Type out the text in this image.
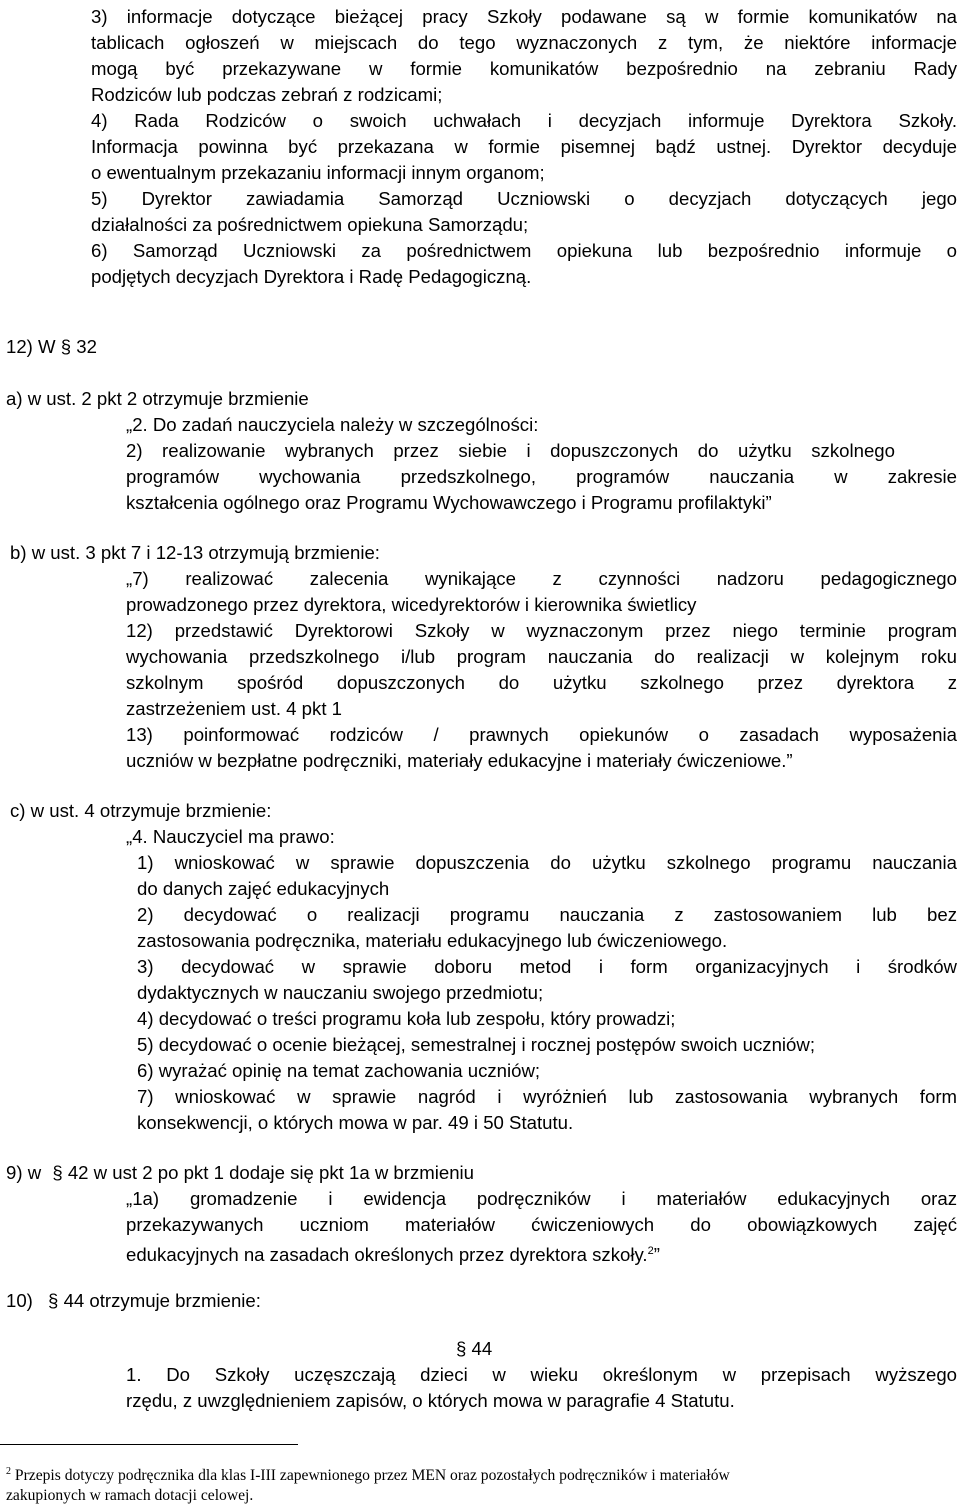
3) informacje dotyczące bieżącej pracy Szkoły podawane są w formie komunikatów na
tablicach ogłoszeń w miejscach do tego wyznaczonych z tym, że niektóre informacje
mogą być przekazywane w formie komunikatów bezpośrednio na zebraniu Rady
Rodziców lub podczas zebrań z rodzicami;
4) Rada Rodziców o swoich uchwałach i decyzjach informuje Dyrektora Szkoły.
Informacja powinna być przekazana w formie pisemnej bądź ustnej. Dyrektor decyduje
o ewentualnym przekazaniu informacji innym organom;
5) Dyrektor zawiadamia Samorząd Uczniowski o decyzjach dotyczących jego
działalności za pośrednictwem opiekuna Samorządu;
6) Samorząd Uczniowski za pośrednictwem opiekuna lub bezpośrednio informuje o
podjętych decyzjach Dyrektora i Radę Pedagogiczną.
12) W § 32
a) w ust. 2 pkt 2 otrzymuje brzmienie
„2. Do zadań nauczyciela należy w szczególności:
2) realizowanie wybranych przez siebie i dopuszczonych do użytku szkolnego
programów wychowania przedszkolnego, programów nauczania w zakresie
kształcenia ogólnego oraz Programu Wychowawczego i Programu profilaktyki”
b) w ust. 3 pkt 7 i 12-13 otrzymują brzmienie:
„7) realizować zalecenia wynikające z czynności nadzoru pedagogicznego
prowadzonego przez dyrektora, wicedyrektorów i kierownika świetlicy
12) przedstawić Dyrektorowi Szkoły w wyznaczonym przez niego terminie program
wychowania przedszkolnego i/lub program nauczania do realizacji w kolejnym roku
szkolnym spośród dopuszczonych do użytku szkolnego przez dyrektora z
zastrzeżeniem ust. 4 pkt 1
13) poinformować rodziców / prawnych opiekunów o zasadach wyposażenia
uczniów w bezpłatne podręczniki, materiały edukacyjne i materiały ćwiczeniowe.”
c) w ust. 4 otrzymuje brzmienie:
„4. Nauczyciel ma prawo:
1) wnioskować w sprawie dopuszczenia do użytku szkolnego programu nauczania
do danych zajęć edukacyjnych
2) decydować o realizacji programu nauczania z zastosowaniem lub bez
zastosowania podręcznika, materiału edukacyjnego lub ćwiczeniowego.
3) decydować w sprawie doboru metod i form organizacyjnych i środków
dydaktycznych w nauczaniu swojego przedmiotu;
4) decydować o treści programu koła lub zespołu, który prowadzi;
5) decydować o ocenie bieżącej, semestralnej i rocznej postępów swoich uczniów;
6) wyrażać opinię na temat zachowania uczniów;
7) wnioskować w sprawie nagród i wyróżnień lub zastosowania wybranych form
konsekwencji, o których mowa w par. 49 i 50 Statutu.
9) w § 42 w ust 2 po pkt 1 dodaje się pkt 1a w brzmieniu
„1a) gromadzenie i ewidencja podręczników i materiałów edukacyjnych oraz
przekazywanych uczniom materiałów ćwiczeniowych do obowiązkowych zajęć
edukacyjnych na zasadach określonych przez dyrektora szkoły.$^2$”
10) § 44 otrzymuje brzmienie:
§ 44
1. Do Szkoły uczęszczają dzieci w wieku określonym w przepisach wyższego
rzędu, z uwzględnieniem zapisów, o których mowa w paragrafie 4 Statutu.
$^2$ Przepis dotyczy podręcznika dla klas I-III zapewnionego przez MEN oraz pozostałych podręczników i materiałów
zakupionych w ramach dotacji celowej.
